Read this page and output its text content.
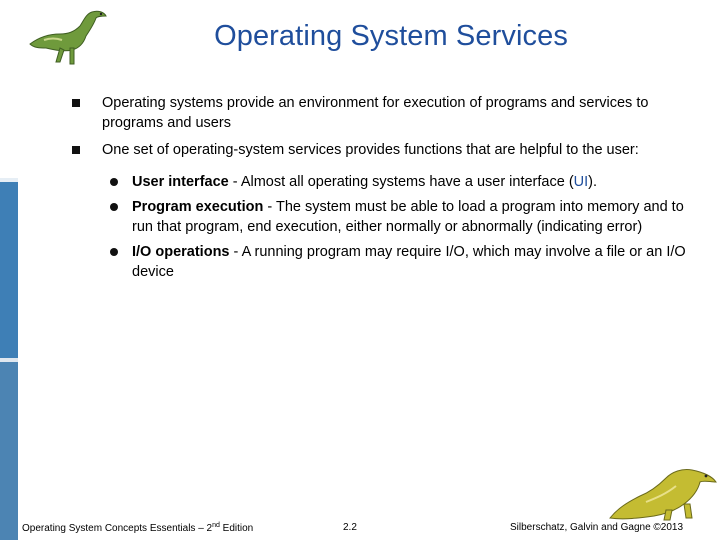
Operating System Services
Operating systems provide an environment for execution of programs and services to programs and users
One set of operating-system services provides functions that are helpful to the user:
User interface - Almost all operating systems have a user interface (UI).
Program execution - The system must be able to load a program into memory and to run that program, end execution, either normally or abnormally (indicating error)
I/O operations - A running program may require I/O, which may involve a file or an I/O device
Operating System Concepts Essentials – 2nd Edition	2.2	Silberschatz, Galvin and Gagne ©2013
